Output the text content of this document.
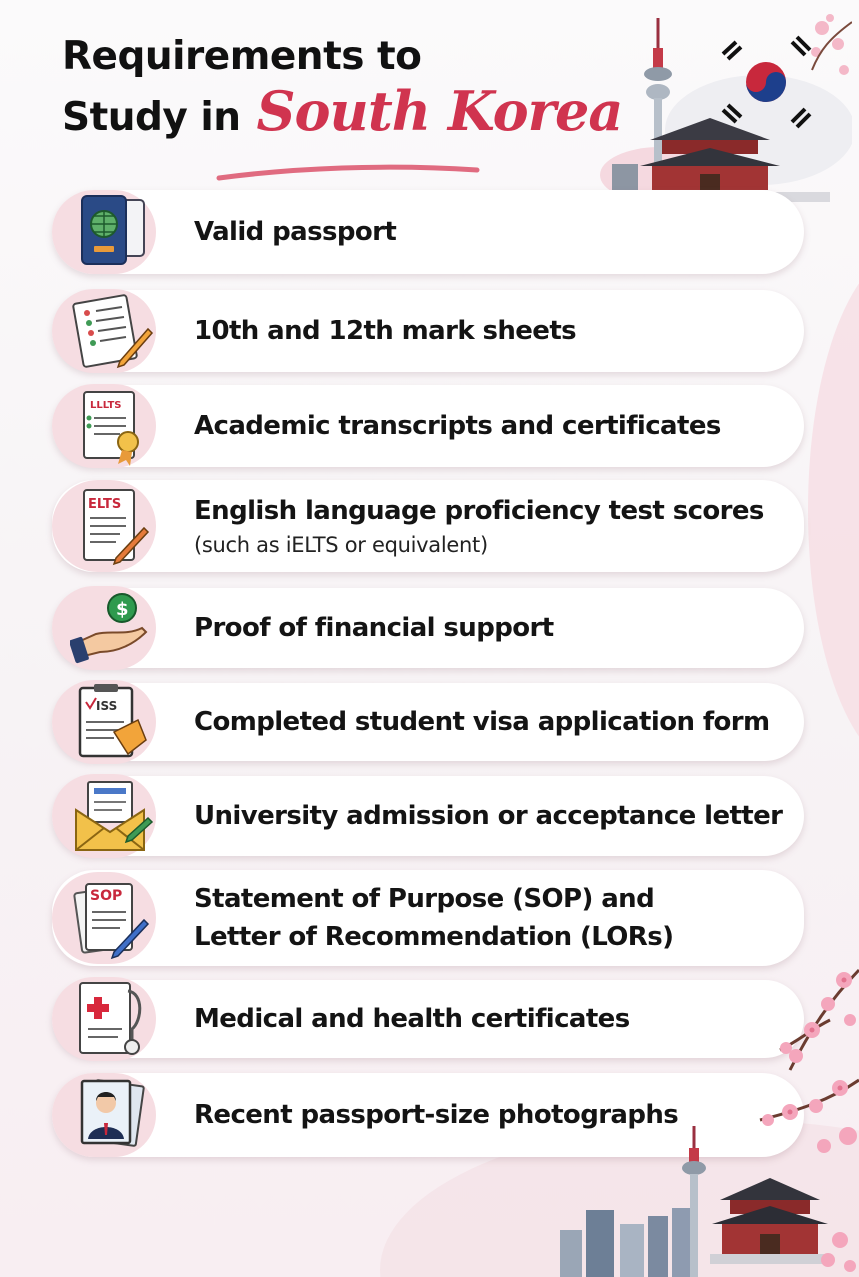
Requirements to
Study in South Korea
Valid passport
10th and 12th mark sheets
LLLTS
Academic transcripts and certificates
ELTS	English language proficiency test scores
(such as iELTS or equivalent)
$
Proof of financial support
ISS
Completed student visa application form
University admission or acceptance letter
SOP	Statement of Purpose (SOP) and
Letter of Recommendation (LORs)
Medical and health certificates
Recent passport-size photographs
